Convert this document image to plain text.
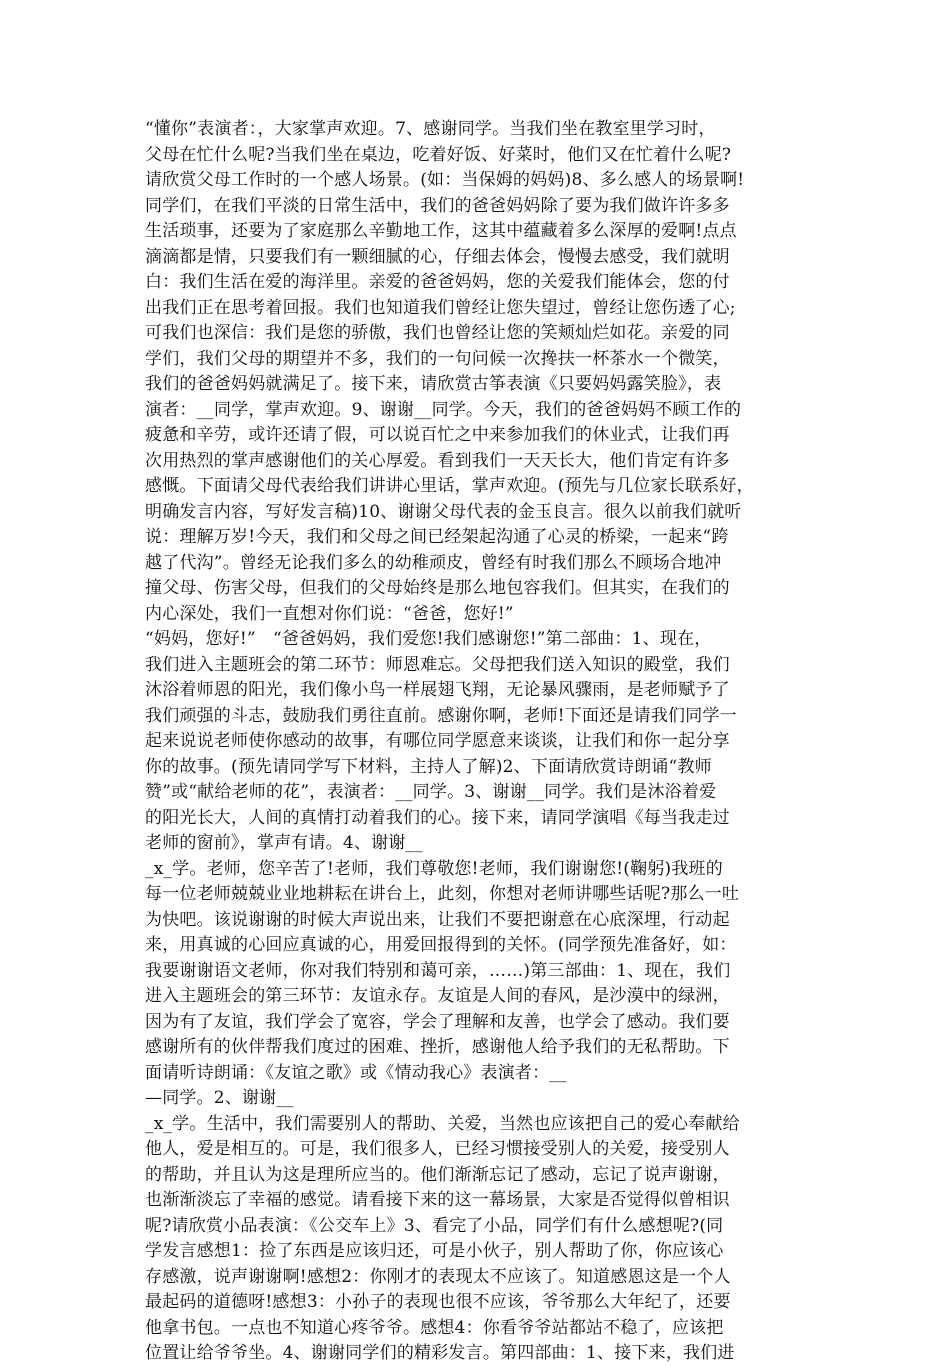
“懂你”表演者：，大家掌声欢迎。7、感谢同学。当我们坐在教室里学习时，
父母在忙什么呢?当我们坐在桌边，吃着好饭、好菜时，他们又在忙着什么呢?
请欣赏父母工作时的一个感人场景。(如：当保姆的妈妈)8、多么感人的场景啊!
同学们，在我们平淡的日常生活中，我们的爸爸妈妈除了要为我们做许许多多
生活琐事，还要为了家庭那么辛勤地工作，这其中蕴藏着多么深厚的爱啊!点点
滴滴都是情，只要我们有一颗细腻的心，仔细去体会，慢慢去感受，我们就明
白：我们生活在爱的海洋里。亲爱的爸爸妈妈，您的关爱我们能体会，您的付
出我们正在思考着回报。我们也知道我们曾经让您失望过，曾经让您伤透了心;
可我们也深信：我们是您的骄傲，我们也曾经让您的笑颊灿烂如花。亲爱的同
学们，我们父母的期望并不多，我们的一句问候一次搀扶一杯茶水一个微笑，
我们的爸爸妈妈就满足了。接下来，请欣赏古筝表演《只要妈妈露笑脸》，表
演者：__同学，掌声欢迎。9、谢谢__同学。今天，我们的爸爸妈妈不顾工作的
疲惫和辛劳，或许还请了假，可以说百忙之中来参加我们的休业式，让我们再
次用热烈的掌声感谢他们的关心厚爱。看到我们一天天长大，他们肯定有许多
感慨。下面请父母代表给我们讲讲心里话，掌声欢迎。(预先与几位家长联系好，
明确发言内容，写好发言稿)10、谢谢父母代表的金玉良言。很久以前我们就听
说：理解万岁!今天，我们和父母之间已经架起沟通了心灵的桥梁，一起来“跨
越了代沟”。曾经无论我们多么的幼稚顽皮，曾经有时我们那么不顾场合地冲
撞父母、伤害父母，但我们的父母始终是那么地包容我们。但其实，在我们的
内心深处，我们一直想对你们说：“爸爸，您好!”
“妈妈，您好!”　“爸爸妈妈，我们爱您!我们感谢您!”第二部曲：1、现在，
我们进入主题班会的第二环节：师恩难忘。父母把我们送入知识的殿堂，我们
沐浴着师恩的阳光，我们像小鸟一样展翅飞翔，无论暴风骤雨，是老师赋予了
我们顽强的斗志，鼓励我们勇往直前。感谢你啊，老师!下面还是请我们同学一
起来说说老师使你感动的故事，有哪位同学愿意来谈谈，让我们和你一起分享
你的故事。(预先请同学写下材料，主持人了解)2、下面请欣赏诗朗诵“教师
赞”或“献给老师的花”，表演者：__同学。3、谢谢__同学。我们是沐浴着爱
的阳光长大，人间的真情打动着我们的心。接下来，请同学演唱《每当我走过
老师的窗前》，掌声有请。4、谢谢__
_x_学。老师，您辛苦了!老师，我们尊敬您!老师，我们谢谢您!(鞠躬)我班的
每一位老师兢兢业业地耕耘在讲台上，此刻，你想对老师讲哪些话呢?那么一吐
为快吧。该说谢谢的时候大声说出来，让我们不要把谢意在心底深埋，行动起
来，用真诚的心回应真诚的心，用爱回报得到的关怀。(同学预先准备好，如：
我要谢谢语文老师，你对我们特别和蔼可亲，……)第三部曲：1、现在，我们
进入主题班会的第三环节：友谊永存。友谊是人间的春风，是沙漠中的绿洲，
因为有了友谊，我们学会了宽容，学会了理解和友善，也学会了感动。我们要
感谢所有的伙伴帮我们度过的困难、挫折，感谢他人给予我们的无私帮助。下
面请听诗朗诵：《友谊之歌》或《情动我心》表演者：__
—同学。2、谢谢__
_x_学。生活中，我们需要别人的帮助、关爱，当然也应该把自己的爱心奉献给
他人，爱是相互的。可是，我们很多人，已经习惯接受别人的关爱，接受别人
的帮助，并且认为这是理所应当的。他们渐渐忘记了感动，忘记了说声谢谢，
也渐渐淡忘了幸福的感觉。请看接下来的这一幕场景，大家是否觉得似曾相识
呢?请欣赏小品表演：《公交车上》3、看完了小品，同学们有什么感想呢?(同
学发言感想1：捡了东西是应该归还，可是小伙子，别人帮助了你，你应该心
存感激，说声谢谢啊!感想2：你刚才的表现太不应该了。知道感恩这是一个人
最起码的道德呀!感想3：小孙子的表现也很不应该，爷爷那么大年纪了，还要
他拿书包。一点也不知道心疼爷爷。感想4：你看爷爷站都站不稳了，应该把
位置让给爷爷坐。4、谢谢同学们的精彩发言。第四部曲：1、接下来，我们进
